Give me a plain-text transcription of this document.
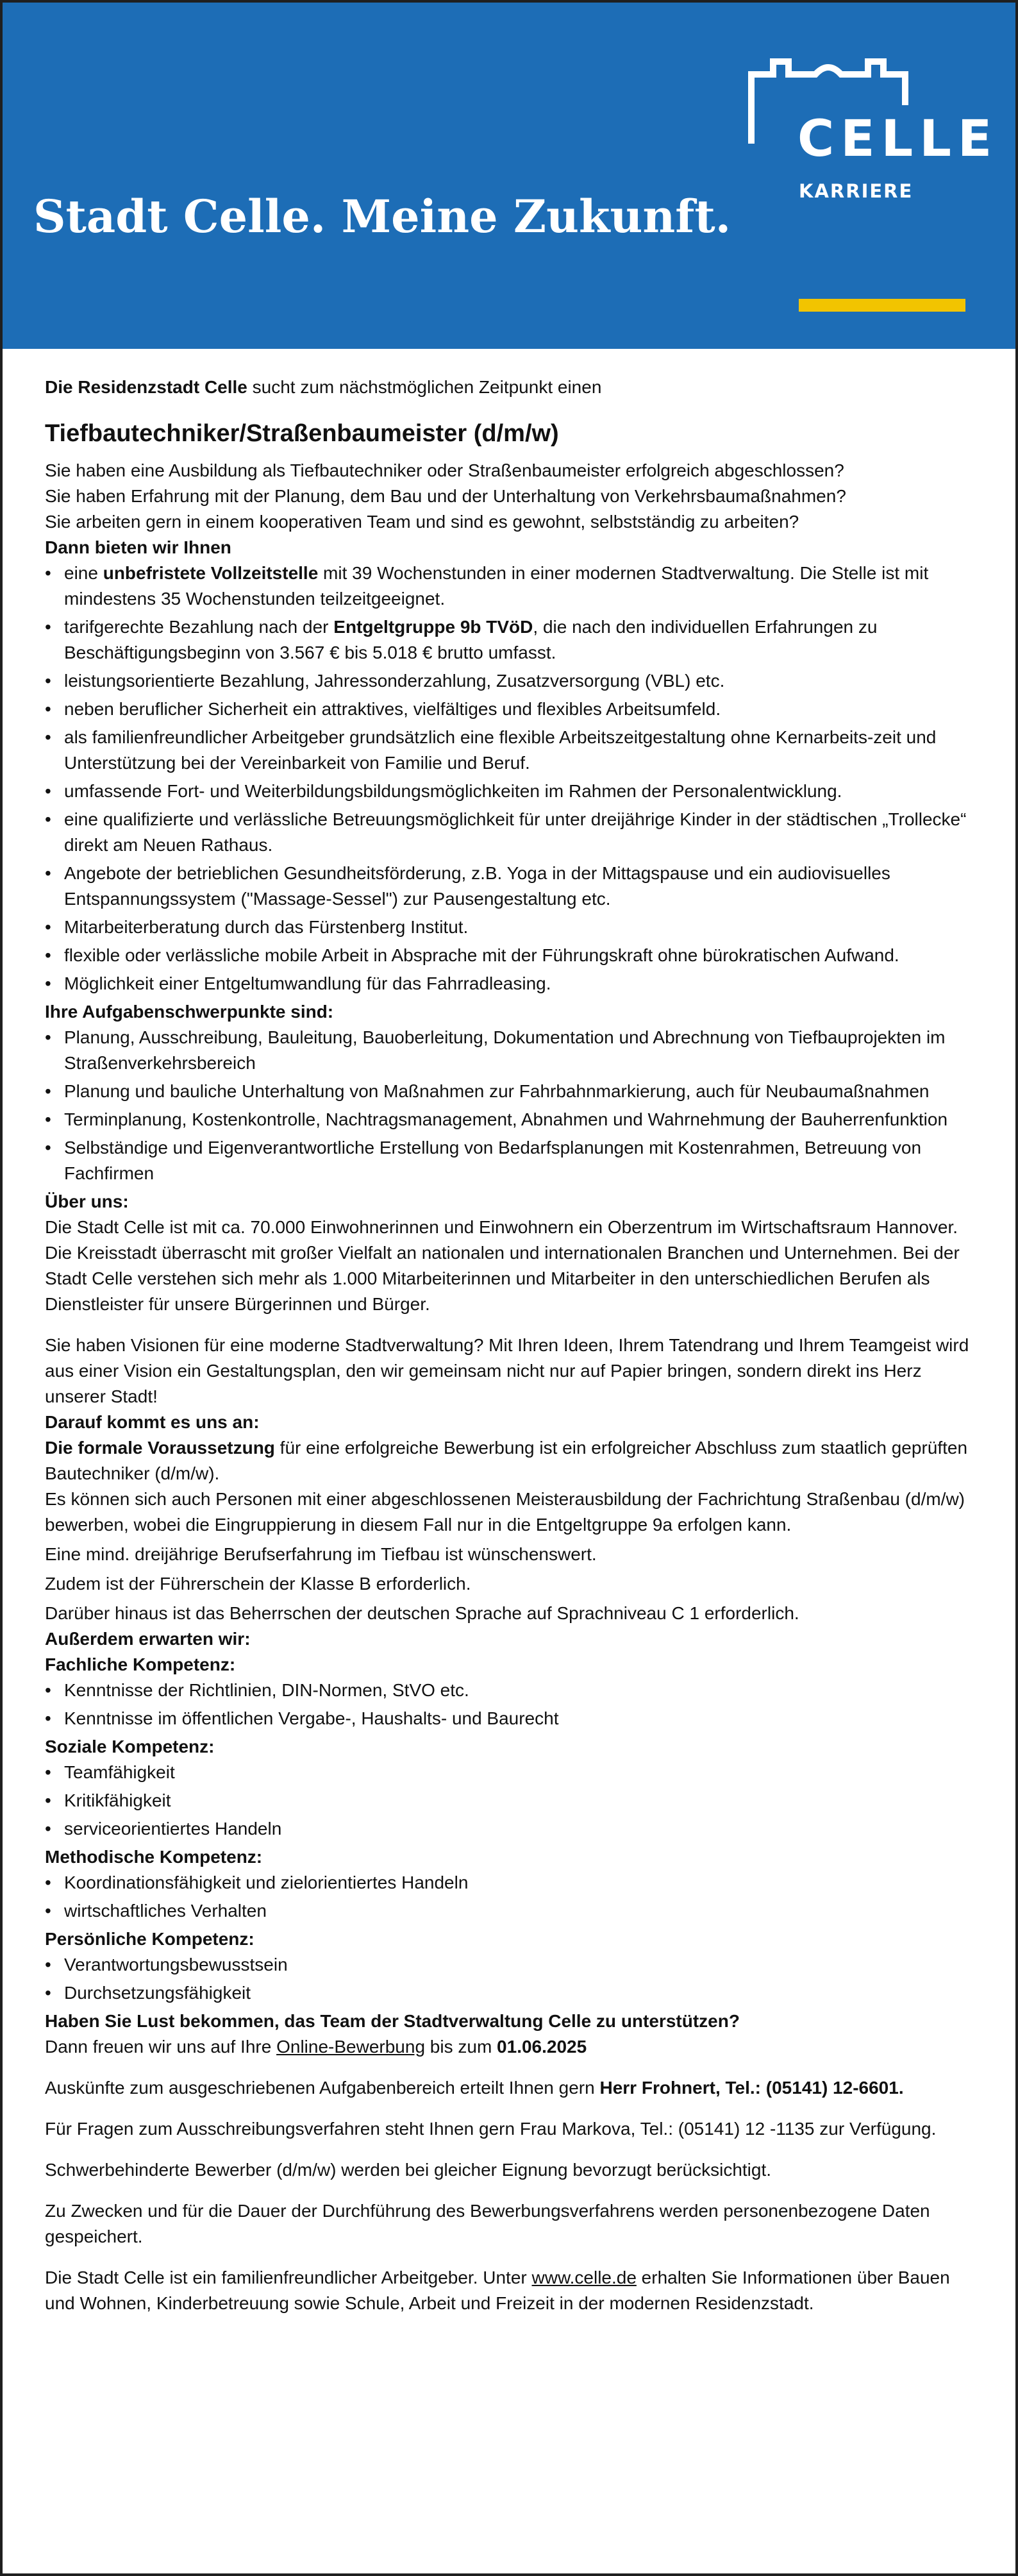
Stadt Celle. Meine Zukunft.

CELLE

KARRIERE

Die Residenzstadt Celle sucht zum nächstmöglichen Zeitpunkt einen

Tiefbautechniker/Straßenbaumeister (d/m/w)

Sie haben eine Ausbildung als Tiefbautechniker oder Straßenbaumeister erfolgreich abgeschlossen?

Sie haben Erfahrung mit der Planung, dem Bau und der Unterhaltung von Verkehrsbaumaßnahmen?

Sie arbeiten gern in einem kooperativen Team und sind es gewohnt, selbstständig zu arbeiten?

Dann bieten wir Ihnen

• eine unbefristete Vollzeitstelle mit 39 Wochenstunden in einer modernen Stadtverwaltung. Die Stelle ist mit mindestens 35 Wochenstunden teilzeitgeeignet.
• tarifgerechte Bezahlung nach der Entgeltgruppe 9b TVöD, die nach den individuellen Erfahrungen zu Beschäftigungsbeginn von 3.567 € bis 5.018 € brutto umfasst.
• leistungsorientierte Bezahlung, Jahressonderzahlung, Zusatzversorgung (VBL) etc.
• neben beruflicher Sicherheit ein attraktives, vielfältiges und flexibles Arbeitsumfeld.
• als familienfreundlicher Arbeitgeber grundsätzlich eine flexible Arbeitszeitgestaltung ohne Kernarbeits-zeit und Unterstützung bei der Vereinbarkeit von Familie und Beruf.
• umfassende Fort- und Weiterbildungsbildungsmöglichkeiten im Rahmen der Personalentwicklung.
• eine qualifizierte und verlässliche Betreuungsmöglichkeit für unter dreijährige Kinder in der städtischen „Trollecke“ direkt am Neuen Rathaus.
• Angebote der betrieblichen Gesundheitsförderung, z.B. Yoga in der Mittagspause und ein audiovisuelles Entspannungssystem ("Massage-Sessel") zur Pausengestaltung etc.
• Mitarbeiterberatung durch das Fürstenberg Institut.
• flexible oder verlässliche mobile Arbeit in Absprache mit der Führungskraft ohne bürokratischen Aufwand.
• Möglichkeit einer Entgeltumwandlung für das Fahrradleasing.

Ihre Aufgabenschwerpunkte sind:

• Planung, Ausschreibung, Bauleitung, Bauoberleitung, Dokumentation und Abrechnung von Tiefbauprojekten im Straßenverkehrsbereich
• Planung und bauliche Unterhaltung von Maßnahmen zur Fahrbahnmarkierung, auch für Neubaumaßnahmen
• Terminplanung, Kostenkontrolle, Nachtragsmanagement, Abnahmen und Wahrnehmung der Bauherrenfunktion
• Selbständige und Eigenverantwortliche Erstellung von Bedarfsplanungen mit Kostenrahmen, Betreuung von Fachfirmen

Über uns:

Die Stadt Celle ist mit ca. 70.000 Einwohnerinnen und Einwohnern ein Oberzentrum im Wirtschaftsraum Hannover. Die Kreisstadt überrascht mit großer Vielfalt an nationalen und internationalen Branchen und Unternehmen. Bei der Stadt Celle verstehen sich mehr als 1.000 Mitarbeiterinnen und Mitarbeiter in den unterschiedlichen Berufen als Dienstleister für unsere Bürgerinnen und Bürger.

Sie haben Visionen für eine moderne Stadtverwaltung? Mit Ihren Ideen, Ihrem Tatendrang und Ihrem Teamgeist wird aus einer Vision ein Gestaltungsplan, den wir gemeinsam nicht nur auf Papier bringen, sondern direkt ins Herz unserer Stadt!

Darauf kommt es uns an:

Die formale Voraussetzung für eine erfolgreiche Bewerbung ist ein erfolgreicher Abschluss zum staatlich geprüften Bautechniker (d/m/w).

Es können sich auch Personen mit einer abgeschlossenen Meisterausbildung der Fachrichtung Straßenbau (d/m/w) bewerben, wobei die Eingruppierung in diesem Fall nur in die Entgeltgruppe 9a erfolgen kann.

Eine mind. dreijährige Berufserfahrung im Tiefbau ist wünschenswert.

Zudem ist der Führerschein der Klasse B erforderlich.

Darüber hinaus ist das Beherrschen der deutschen Sprache auf Sprachniveau C 1 erforderlich.

Außerdem erwarten wir:

Fachliche Kompetenz:

• Kenntnisse der Richtlinien, DIN-Normen, StVO etc.
• Kenntnisse im öffentlichen Vergabe-, Haushalts- und Baurecht

Soziale Kompetenz:

• Teamfähigkeit
• Kritikfähigkeit
• serviceorientiertes Handeln

Methodische Kompetenz:

• Koordinationsfähigkeit und zielorientiertes Handeln
• wirtschaftliches Verhalten

Persönliche Kompetenz:

• Verantwortungsbewusstsein
• Durchsetzungsfähigkeit

Haben Sie Lust bekommen, das Team der Stadtverwaltung Celle zu unterstützen?

Dann freuen wir uns auf Ihre Online-Bewerbung bis zum 01.06.2025

Auskünfte zum ausgeschriebenen Aufgabenbereich erteilt Ihnen gern Herr Frohnert, Tel.: (05141) 12-6601.

Für Fragen zum Ausschreibungsverfahren steht Ihnen gern Frau Markova, Tel.: (05141) 12 -1135 zur Verfügung.

Schwerbehinderte Bewerber (d/m/w) werden bei gleicher Eignung bevorzugt berücksichtigt.

Zu Zwecken und für die Dauer der Durchführung des Bewerbungsverfahrens werden personenbezogene Daten gespeichert.

Die Stadt Celle ist ein familienfreundlicher Arbeitgeber. Unter www.celle.de erhalten Sie Informationen über Bauen und Wohnen, Kinderbetreuung sowie Schule, Arbeit und Freizeit in der modernen Residenzstadt.
